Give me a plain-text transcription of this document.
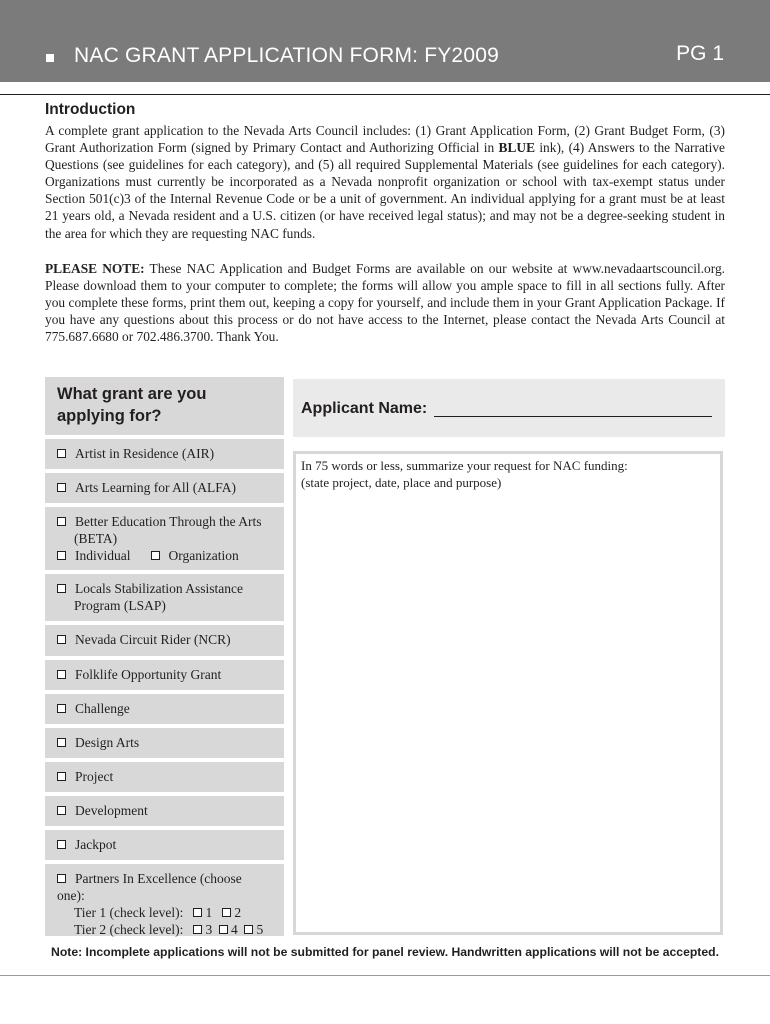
NAC GRANT APPLICATION FORM: FY2009	PG 1
Introduction

A complete grant application to the Nevada Arts Council includes: (1) Grant Application Form, (2) Grant Budget Form, (3) Grant Authorization Form (signed by Primary Contact and Authorizing Official in BLUE ink), (4) Answers to the Narrative Questions (see guidelines for each category), and (5) all required Supplemental Materials (see guidelines for each category). Organizations must currently be incorporated as a Nevada nonprofit organization or school with tax-exempt status under Section 501(c)3 of the Internal Revenue Code or be a unit of government. An individual applying for a grant must be at least 21 years old, a Nevada resident and a U.S. citizen (or have received legal status); and may not be a degree-seeking student in the area for which they are requesting NAC funds.

PLEASE NOTE: These NAC Application and Budget Forms are available on our website at www.nevadaartscouncil.org. Please download them to your computer to complete; the forms will allow you ample space to fill in all sections fully. After you complete these forms, print them out, keeping a copy for yourself, and include them in your Grant Application Package. If you have any questions about this process or do not have access to the Internet, please contact the Nevada Arts Council at 775.687.6680 or 702.486.3700. Thank You.

What grant are you
applying for?
Artist in Residence (AIR)
Arts Learning for All (ALFA)
Better Education Through the Arts
(BETA)
Individual	Organization
Locals Stabilization Assistance
Program (LSAP)
Nevada Circuit Rider (NCR)
Folklife Opportunity Grant
Challenge
Design Arts
Project
Development
Jackpot
Partners In Excellence (choose one):
Tier 1 (check level): 1 2
Tier 2 (check level): 3 4 5
Applicant Name:
In 75 words or less, summarize your request for NAC funding:
(state project, date, place and purpose)
Note: Incomplete applications will not be submitted for panel review. Handwritten applications will not be accepted.
